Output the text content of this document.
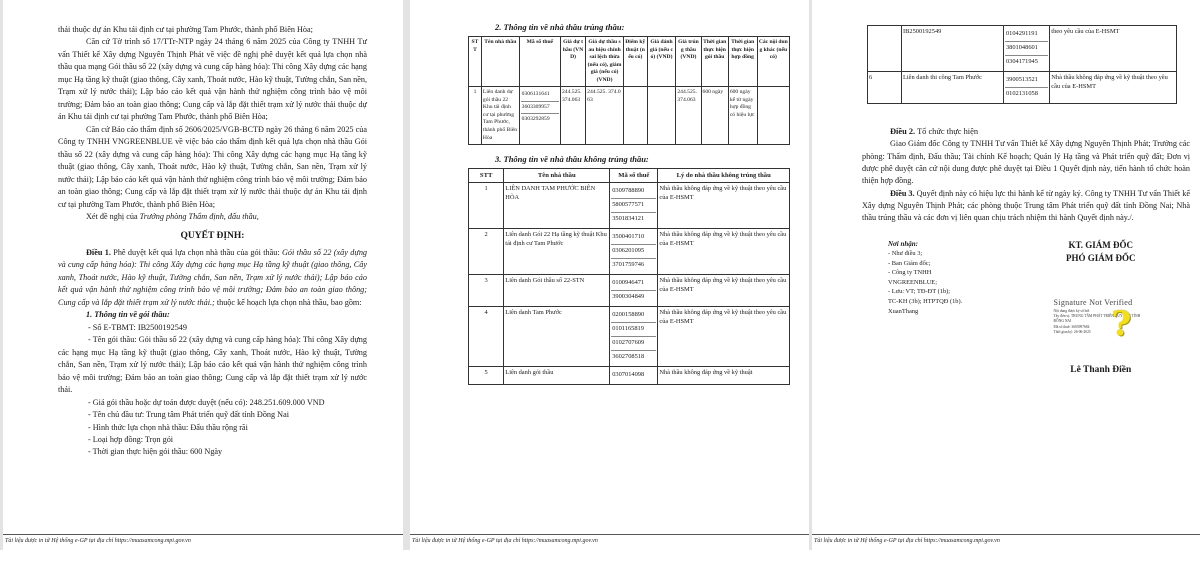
thải thuộc dự án Khu tái định cư tại phường Tam Phước, thành phố Biên Hòa;

Căn cứ Tờ trình số 17/TTr-NTP ngày 24 tháng 6 năm 2025 của Công ty TNHH Tư vấn Thiết kế Xây dựng Nguyên Thịnh Phát về việc đề nghị phê duyệt kết quả lựa chọn nhà thầu qua mạng Gói thầu số 22 (xây dựng và cung cấp hàng hóa): Thi công Xây dựng các hạng mục Hạ tầng kỹ thuật (giao thông, Cây xanh, Thoát nước, Hào kỹ thuật, Tường chắn, San nền, Trạm xử lý nước thải); Lập báo cáo kết quả vận hành thử nghiệm công trình bảo vệ môi trường; Đảm bảo an toàn giao thông; Cung cấp và lắp đặt thiết trạm xử lý nước thải thuộc dự án Khu tái định cư tại phường Tam Phước, thành phố Biên Hòa;

Căn cứ Báo cáo thẩm định số 2606/2025/VGB-BCTĐ ngày 26 tháng 6 năm 2025 của Công ty TNHH VNGREENBLUE về việc báo cáo thẩm định kết quả lựa chọn nhà thầu Gói thầu số 22 (xây dựng và cung cấp hàng hóa): Thi công Xây dựng các hạng mục Hạ tầng kỹ thuật (giao thông, Cây xanh, Thoát nước, Hào kỹ thuật, Tường chắn, San nền, Trạm xử lý nước thải); Lập báo cáo kết quả vận hành thử nghiệm công trình bảo vệ môi trường; Đảm bảo an toàn giao thông; Cung cấp và lắp đặt thiết trạm xử lý nước thải thuộc dự án Khu tái định cư tại phường Tam Phước, thành phố Biên Hòa;

Xét đề nghị của Trưởng phòng Thẩm định, đấu thầu,

QUYẾT ĐỊNH:

Điều 1. Phê duyệt kết quả lựa chọn nhà thầu của gói thầu: Gói thầu số 22 (xây dựng và cung cấp hàng hóa): Thi công Xây dựng các hạng mục Hạ tầng kỹ thuật (giao thông, Cây xanh, Thoát nước, Hào kỹ thuật, Tường chắn, San nền, Trạm xử lý nước thải); Lập báo cáo kết quả vận hành thử nghiệm công trình bảo vệ môi trường; Đảm bảo an toàn giao thông; Cung cấp và lắp đặt thiết trạm xử lý nước thải.; thuộc kế hoạch lựa chọn nhà thầu, bao gồm:

1. Thông tin về gói thầu:

- Số E-TBMT: IB2500192549

- Tên gói thầu: Gói thầu số 22 (xây dựng và cung cấp hàng hóa): Thi công Xây dựng các hạng mục Hạ tầng kỹ thuật (giao thông, Cây xanh, Thoát nước, Hào kỹ thuật, Tường chắn, San nền, Trạm xử lý nước thải); Lập báo cáo kết quả vận hành thử nghiệm công trình bảo vệ môi trường; Đảm bảo an toàn giao thông; Cung cấp và lắp đặt thiết trạm xử lý nước thải.

- Giá gói thầu hoặc dự toán được duyệt (nếu có): 248.251.609.000 VND

- Tên chủ đầu tư: Trung tâm Phát triển quỹ đất tỉnh Đồng Nai

- Hình thức lựa chọn nhà thầu: Đấu thầu rộng rãi

- Loại hợp đồng: Trọn gói

- Thời gian thực hiện gói thầu: 600 Ngày

Tài liệu được in từ Hệ thống e-GP tại địa chỉ https://muasamcong.mpi.gov.vn
2. Thông tin về nhà thầu trúng thầu:
STT	Tên nhà thầu	Mã số thuế	Giá dự thầu (VND)	Giá dự thầu sau hiệu chỉnh sai lệch thừa (nếu có), giảm giá (nếu có) (VND)	Điểm kỹ thuật (nếu có)	Giá đánh giá (nếu có) (VND)	Giá trúng thầu (VND)	Thời gian thực hiện gói thầu	Thời gian thực hiện hợp đồng	Các nội dung khác (nếu có)
1	Liên danh dự gói thầu 22 Khu tái định cư tại phường Tam Phước, thành phố Biên Hòa	0306131641
3603309957
0303292859	244.525.374.063	244.525. 374.063			244.525.374.063	600 ngày	600 ngày kể từ ngày hợp đồng có hiệu lực	
3. Thông tin về nhà thầu không trúng thầu:
STT	Tên nhà thầu	Mã số thuế	Lý do nhà thầu không trúng thầu
1	LIÊN DANH TAM PHƯỚC BIÊN HÒA	0309788890
5800577571
3501834121	Nhà thầu không đáp ứng về kỹ thuật theo yêu cầu của E-HSMT
2	Liên danh Gói 22 Hạ tầng kỹ thuật Khu tái định cư Tam Phước	3500401710
0306201095
3701759746	Nhà thầu không đáp ứng về kỹ thuật theo yêu cầu của E-HSMT
3	Liên danh Gói thầu số 22-STN	0100946471
3900304849	Nhà thầu không đáp ứng về kỹ thuật theo yêu cầu của E-HSMT
4	Liên danh Tam Phước	0200158890
0101165819
0102707609
3602708518	Nhà thầu không đáp ứng về kỹ thuật theo yêu cầu của E-HSMT
5	Liên danh gói thầu	0307014098	Nhà thầu không đáp ứng về kỹ thuật
Tài liệu được in từ Hệ thống e-GP tại địa chỉ https://muasamcong.mpi.gov.vn
	IB2500192549	0104291191
3801048601
0304171945	theo yêu cầu của E-HSMT
6	Liên danh thi công Tam Phước	3900513521
0102131058	Nhà thầu không đáp ứng về kỹ thuật theo yêu cầu của E-HSMT

Điều 2. Tổ chức thực hiện

Giao Giám đốc Công ty TNHH Tư vấn Thiết kế Xây dựng Nguyên Thịnh Phát; Trưởng các phòng: Thẩm định, Đấu thầu; Tài chính Kế hoạch; Quản lý Hạ tầng và Phát triển quỹ đất; Đơn vị được phê duyệt căn cứ nội dung được phê duyệt tại Điều 1 Quyết định này, tiến hành tổ chức hoàn thiện hợp đồng.

Điều 3. Quyết định này có hiệu lực thi hành kể từ ngày ký. Công ty TNHH Tư vấn Thiết kế Xây dựng Nguyên Thịnh Phát; các phòng thuộc Trung tâm Phát triển quỹ đất tỉnh Đồng Nai; Nhà thầu trúng thầu và các đơn vị liên quan chịu trách nhiệm thi hành Quyết định này./.

Nơi nhận:
- Như điều 3;
- Ban Giám đốc;
- Công ty TNHH
VNGREENBLUE;
- Lưu: VT; TĐ-ĐT (1b);
TC-KH (3b); HTPTQĐ (1b).
XuanThang
KT. GIÁM ĐỐC
PHÓ GIÁM ĐỐC
Signature Not Verified
Nội dung được ký số bởi
Tây đơn vị: TRUNG TÂM PHÁT TRIỂN QUỸ ĐẤT TỈNH
ĐỒNG NAI
Mã số thuế: 3603997684
Thời gian ký: 26-06-2025 ?
Lê Thanh Điền
Tài liệu được in từ Hệ thống e-GP tại địa chỉ https://muasamcong.mpi.gov.vn
